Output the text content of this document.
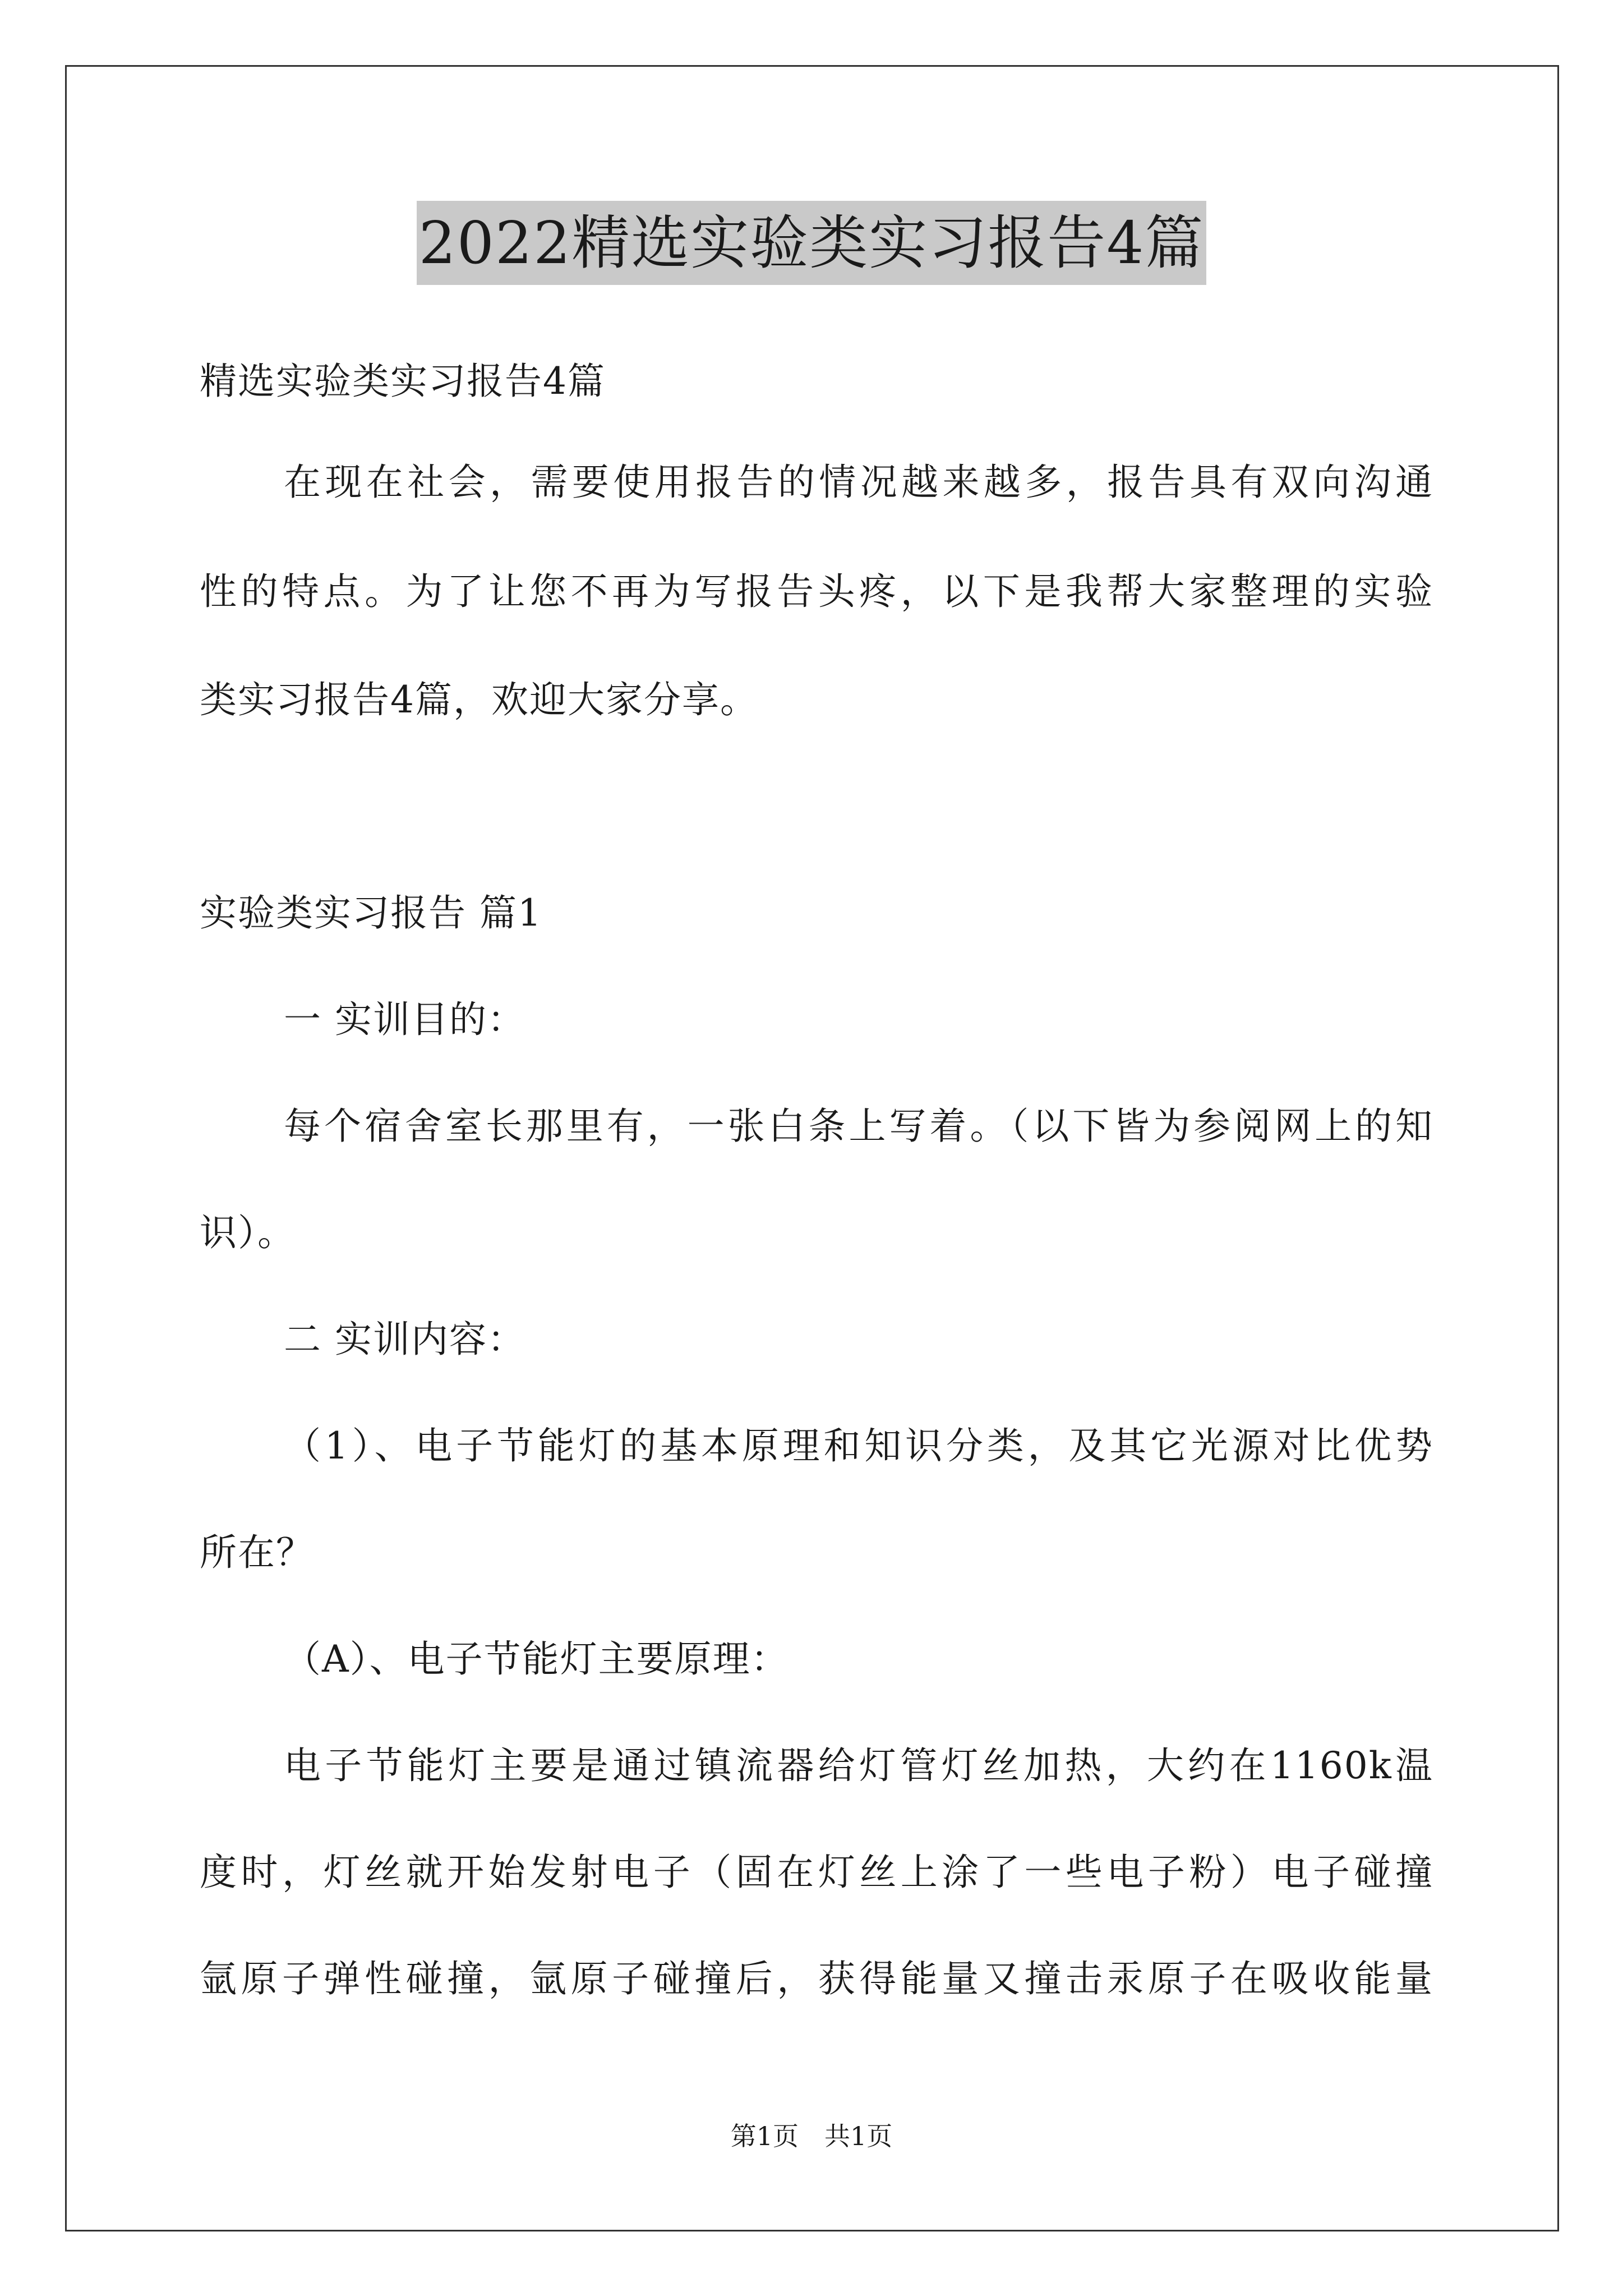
2022精选实验类实习报告4篇
精选实验类实习报告4篇
在现在社会，需要使用报告的情况越来越多，报告具有双向沟通
性的特点。为了让您不再为写报告头疼，以下是我帮大家整理的实验
类实习报告4篇，欢迎大家分享。
实验类实习报告 篇1
一 实训目的：
每个宿舍室长那里有，一张白条上写着。（以下皆为参阅网上的知
识）。
二 实训内容：
（1）、电子节能灯的基本原理和知识分类，及其它光源对比优势
所在？
（A）、电子节能灯主要原理：
电子节能灯主要是通过镇流器给灯管灯丝加热，大约在1160k温
度时，灯丝就开始发射电子（固在灯丝上涂了一些电子粉）电子碰撞
氩原子弹性碰撞，氩原子碰撞后，获得能量又撞击汞原子在吸收能量
第1页　共1页
